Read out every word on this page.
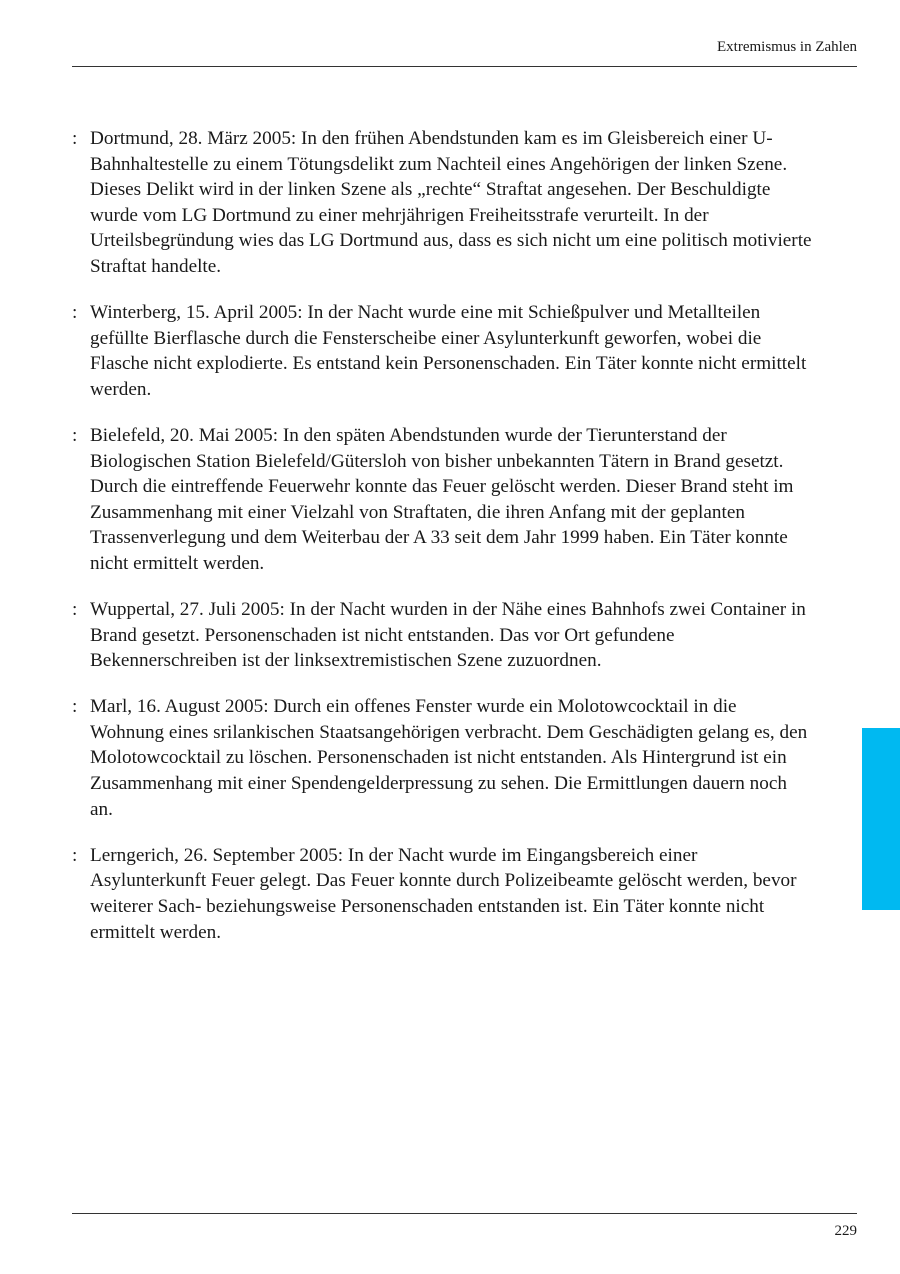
Extremismus in Zahlen
: Dortmund, 28. März 2005: In den frühen Abendstunden kam es im Gleisbereich einer U-Bahnhaltestelle zu einem Tötungsdelikt zum Nachteil eines Angehörigen der linken Szene. Dieses Delikt wird in der linken Szene als „rechte“ Straftat angesehen. Der Beschuldigte wurde vom LG Dortmund zu einer mehrjährigen Freiheitsstrafe verurteilt. In der Urteilsbegründung wies das LG Dortmund aus, dass es sich nicht um eine politisch motivierte Straftat handelte.
: Winterberg, 15. April 2005: In der Nacht wurde eine mit Schießpulver und Metallteilen gefüllte Bierflasche durch die Fensterscheibe einer Asylunterkunft geworfen, wobei die Flasche nicht explodierte. Es entstand kein Personenschaden. Ein Täter konnte nicht ermittelt werden.
: Bielefeld, 20. Mai 2005: In den späten Abendstunden wurde der Tierunterstand der Biologischen Station Bielefeld/Gütersloh von bisher unbekannten Tätern in Brand gesetzt. Durch die eintreffende Feuerwehr konnte das Feuer gelöscht werden. Dieser Brand steht im Zusammenhang mit einer Vielzahl von Straftaten, die ihren Anfang mit der geplanten Trassenverlegung und dem Weiterbau der A 33 seit dem Jahr 1999 haben. Ein Täter konnte nicht ermittelt werden.
: Wuppertal, 27. Juli 2005: In der Nacht wurden in der Nähe eines Bahnhofs zwei Container in Brand gesetzt. Personenschaden ist nicht entstanden. Das vor Ort gefundene Bekennerschreiben ist der linksextremistischen Szene zuzuordnen.
: Marl, 16. August 2005: Durch ein offenes Fenster wurde ein Molotowcocktail in die Wohnung eines srilankischen Staatsangehörigen verbracht. Dem Geschädigten gelang es, den Molotowcocktail zu löschen. Personenschaden ist nicht entstanden. Als Hintergrund ist ein Zusammenhang mit einer Spendengelderpressung zu sehen. Die Ermittlungen dauern noch an.
: Lerngerich, 26. September 2005: In der Nacht wurde im Eingangsbereich einer Asylunterkunft Feuer gelegt. Das Feuer konnte durch Polizeibeamte gelöscht werden, bevor weiterer Sach- beziehungsweise Personenschaden entstanden ist. Ein Täter konnte nicht ermittelt werden.
229
